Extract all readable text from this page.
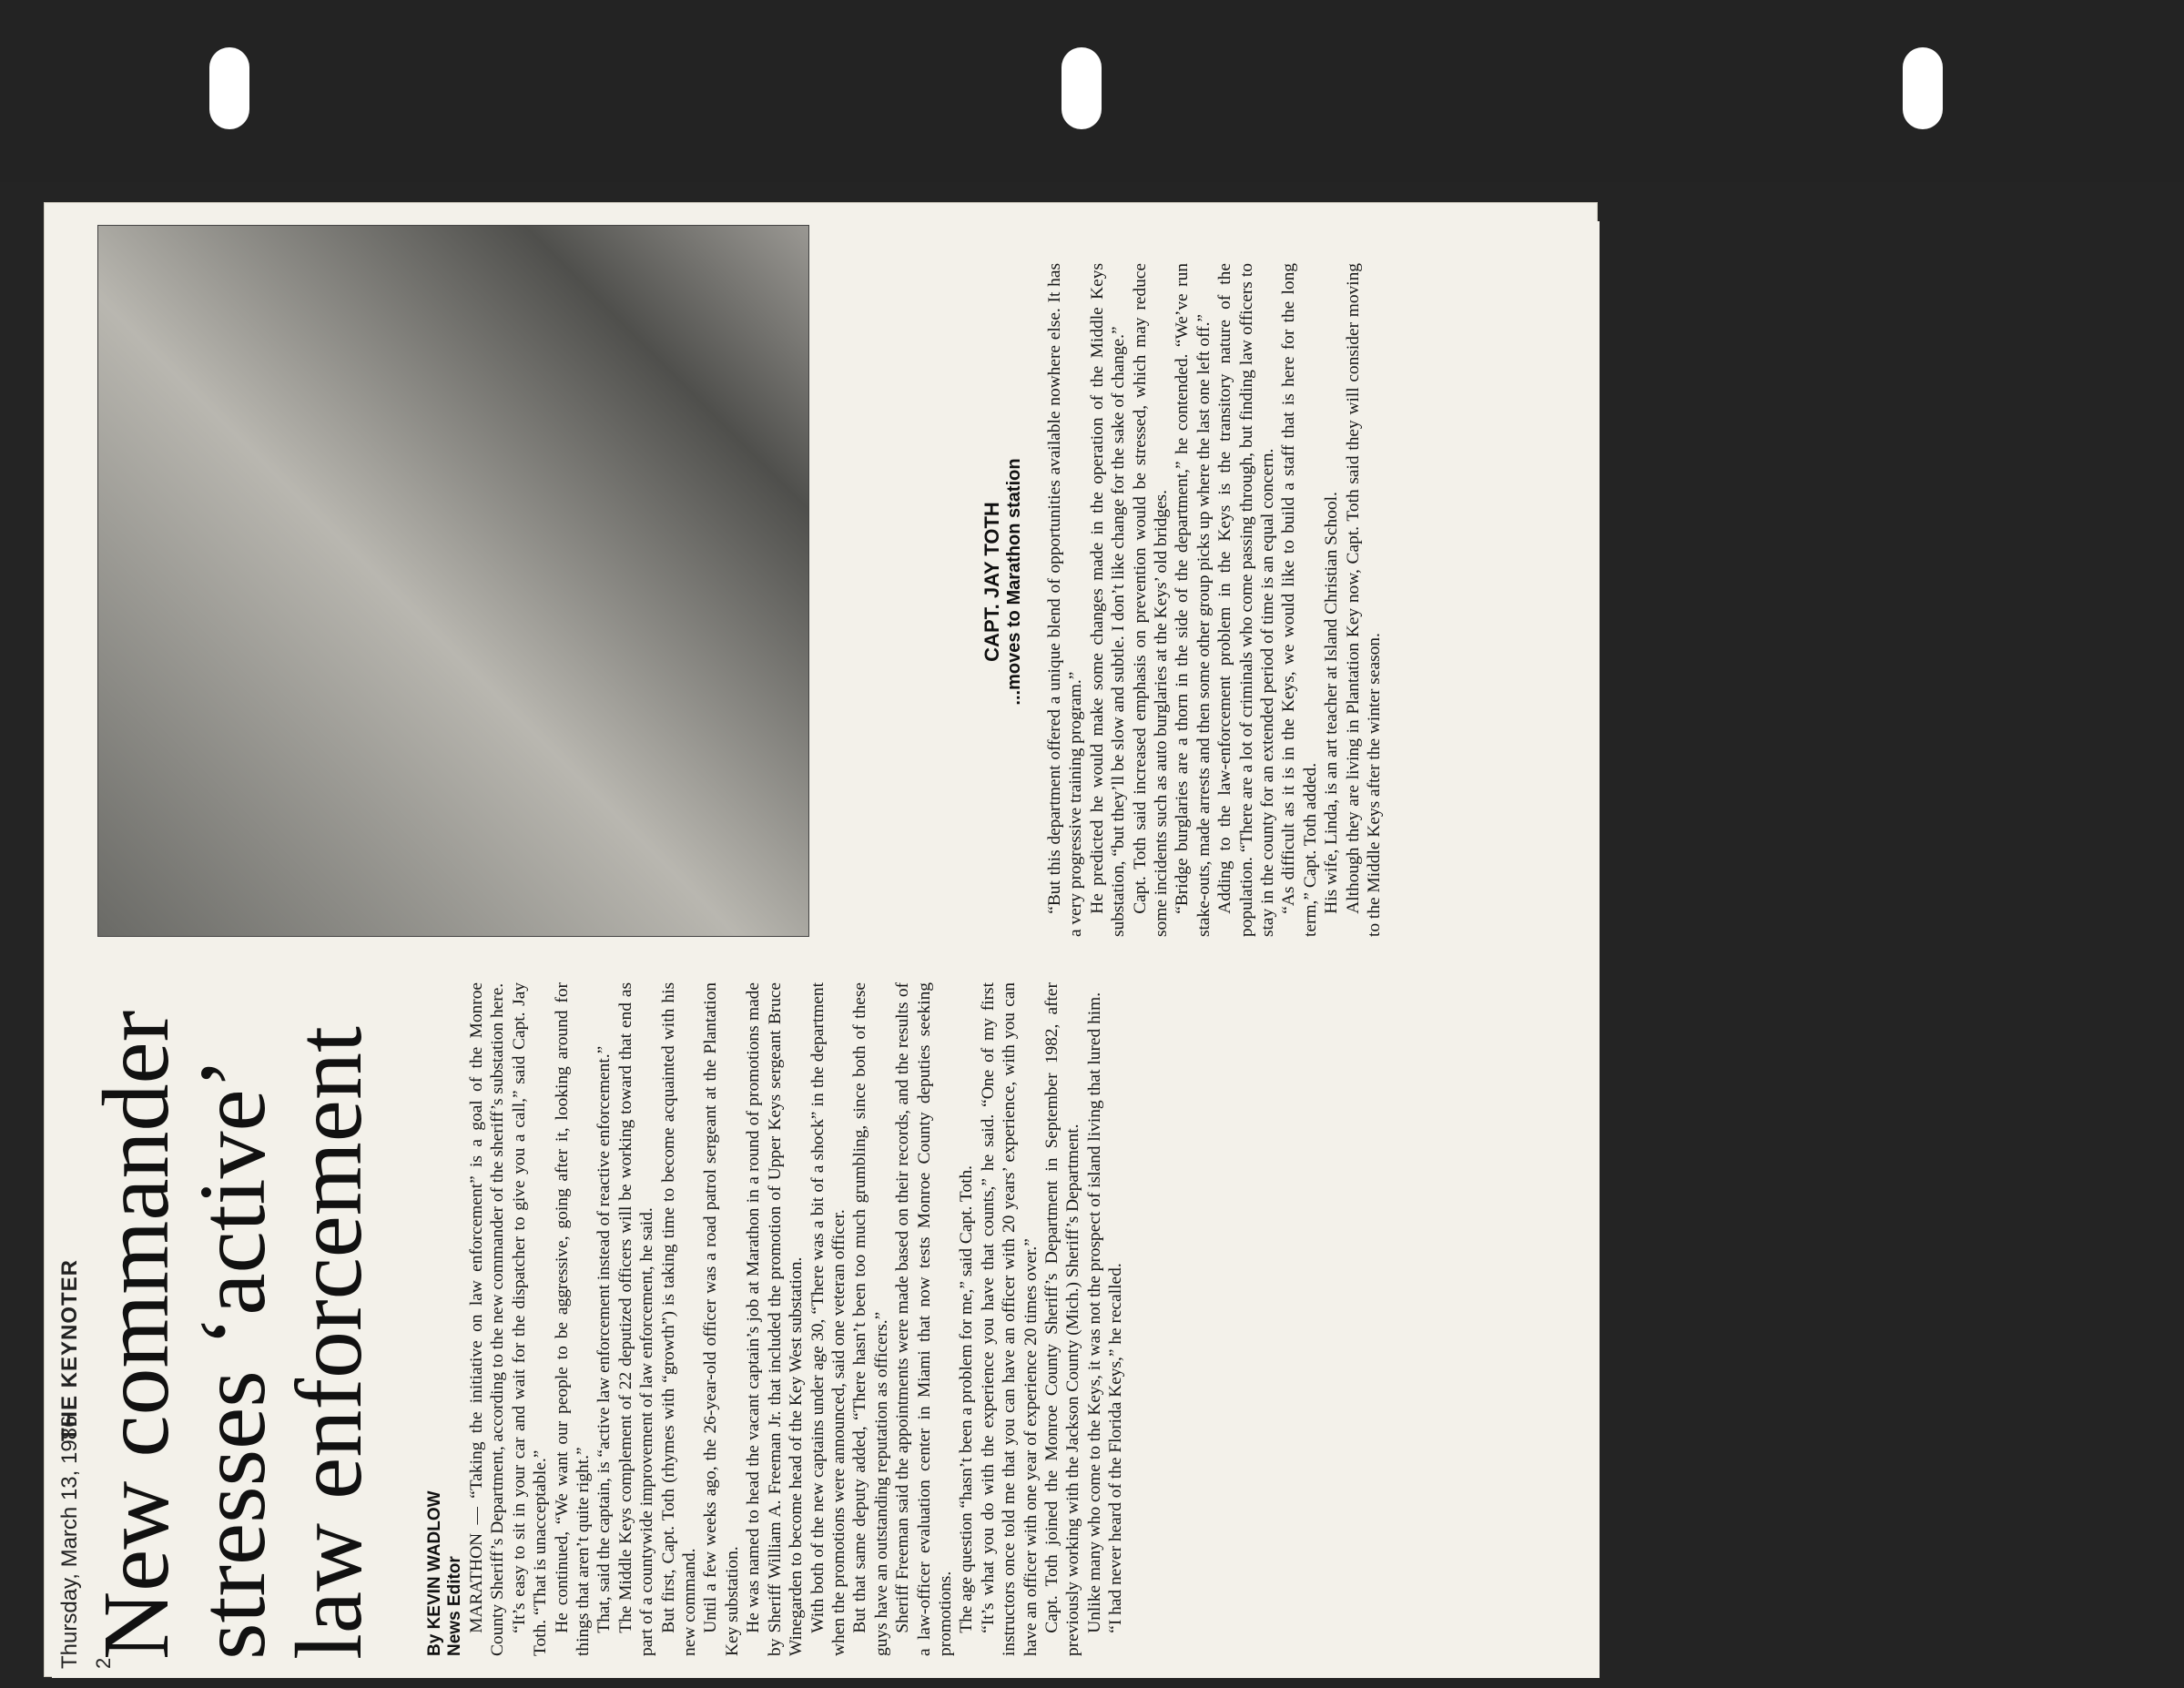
Thursday, March 13, 1986
THE KEYNOTER
2
New commander
stresses ‘active’
law enforcement	By KEVIN WADLOW News Editor MARATHON — “Taking the initiative on law enforcement” is a goal of the Monroe County Sheriff’s Department, according to the new commander of the sheriff’s substation here. “It’s easy to sit in your car and wait for the dispatcher to give you a call,” said Capt. Jay Toth. “That is unacceptable.” He continued, “We want our people to be aggressive, going after it, looking around for things that aren’t quite right.” That, said the captain, is “active law enforcement instead of reactive enforcement.” The Middle Keys complement of 22 deputized officers will be working toward that end as part of a countywide improvement of law enforcement, he said. But first, Capt. Toth (rhymes with “growth”) is taking time to become acquainted with his new command. Until a few weeks ago, the 26-year-old officer was a road patrol sergeant at the Plantation Key substation. He was named to head the vacant captain’s job at Marathon in a round of promotions made by Sheriff William A. Freeman Jr. that included the promotion of Upper Keys sergeant Bruce Winegarden to become head of the Key West substation. With both of the new captains under age 30, “There was a bit of a shock” in the department when the promotions were announced, said one veteran officer. But that same deputy added, “There hasn’t been too much grumbling, since both of these guys have an outstanding reputation as officers.” Sheriff Freeman said the appointments were made based on their records, and the results of a law-officer evaluation center in Miami that now tests Monroe County deputies seeking promotions. The age question “hasn’t been a problem for me,” said Capt. Toth. “It’s what you do with the experience you have that counts,” he said. “One of my first instructors once told me that you can have an officer with 20 years’ experience, with you can have an officer with one year of experience 20 times over.” Capt. Toth joined the Monroe County Sheriff’s Department in September 1982, after previously working with the Jackson County (Mich.) Sheriff’s Department. Unlike many who come to the Keys, it was not the prospect of island living that lured him. “I had never heard of the Florida Keys,” he recalled.

CAPT. JAY TOTH ...moves to Marathon station “But this department offered a unique blend of opportunities available nowhere else. It has a very progressive training program.” He predicted he would make some changes made in the operation of the Middle Keys substation, “but they’ll be slow and subtle. I don’t like change for the sake of change.” Capt. Toth said increased emphasis on prevention would be stressed, which may reduce some incidents such as auto burglaries at the Keys’ old bridges. “Bridge burglaries are a thorn in the side of the department,” he contended. “We’ve run stake-outs, made arrests and then some other group picks up where the last one left off.” Adding to the law-enforcement problem in the Keys is the transitory nature of the population. “There are a lot of criminals who come passing through, but finding law officers to stay in the county for an extended period of time is an equal concern. “As difficult as it is in the Keys, we would like to build a staff that is here for the long term,” Capt. Toth added. His wife, Linda, is an art teacher at Island Christian School. Although they are living in Plantation Key now, Capt. Toth said they will consider moving to the Middle Keys after the winter season.
